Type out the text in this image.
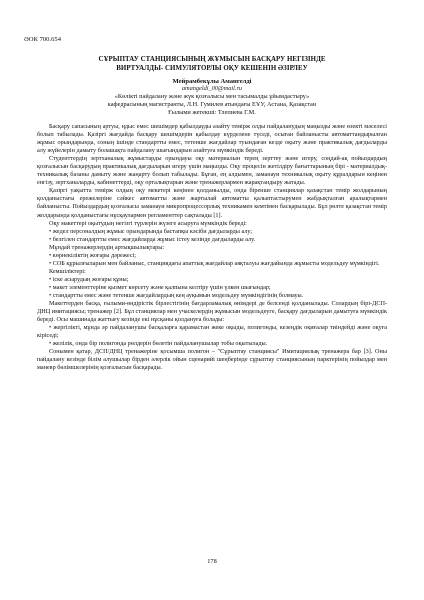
ӘОК 700.654
СҰРЫПТАУ СТАНЦИЯСЫНЫҢ ЖҰМЫСЫН БАСҚАРУ НЕГІЗІНДЕ
ВИРТУАЛДЫ- СИМУЛЯТОРЛЫ ОҚУ КЕШЕНІН ӘЗІРЛЕУ
Мейрамбекұлы Амангелді
amangeldi_00@mail.ru
«Көлікті пайдалану және жүк қозғалысы мен тасымалды ұйымдастыру»
кафедрасының магистранты, Л.Н. Гумилев атындағы ЕҰУ, Астана, Қазақстан
Ғылыми жетекші: Тлепиева Г.М.

Басқару сапасының артуы, ңдыс емес шешімдер қабылдауды азайту темірж олды пайдаланудың маңызды және өзекті мәселесі болып табылады. Қазіргі жағдайда басқару шешімдерін қабылдау күрделене түседі, осыған байланысты автоматтандырылған жұмыс орындарында, соның ішінде стандартты емес, тетенше жағдайлар туындаған кезде оқыту және практикалық дағдыларды алу жүйелерін дамыту болашақта пайдалану шығындарын азайтуға мүмкіндік береді.

Студенттердің зертханалық жұмыстарды орындауы оқу материалын терең зерттеу және игеру, соңдай-ақ пойыздардың қозғалысын басқарудың практикалық дағдыларын игеру үшін маңызды. Оқу процесін жетілдіру бағыттарының бірі - материалдық-техникалық базаны дамыту және жаңарту болып табылады. Бұған, ең алдымен, заманауи техникалық оқыту құралдарын кеңінен енгізу, зертханаларды, кабинеттерді, оқу орталықтарын және тренажерлармен жарақтандыру жатады.

Қазіргі уақытта темірж олдың оқу мекетері кеңінен қолданылды, онда біренше станциялар қазақстан темір жолдарының қолданыстағы ережелеріне сәйкес автоматты және жартылай автоматты қалыптастырумен жабдықталған аралықтармен байланысты. Пойыздардың қозғалысы заманауи микропроцессорлық техникамен кемтімен басқарылады. Бұл рөлте қазақстан темір жолдарында қолданыстағы нұсқаулармен регламенттер сақталады [1].

Оқу макеттері оқытудың негізгі түрлерін жүзеге асыруға мүмкіндік береді:

• жедел персоналдың жұмыс орындарында бастапқы кәсіби дағдыларды алу;
• белгілен стандартты емес жағдайларда жұмыс істеу кезінде дағдыларды алу.

Мұндай тренажерлердің артықшылықтары:

• көрнекіліктің жоғары дәрежесі;
• СОБ құрылғыларын мен байланыс, станциядағы апаттық жағдайлар аяқталуы жағдайында жұмысты модельдеу мүмкіндігі.

Кемшіліктері:

• іске асырудың жоғары құны;
• макет элементтеріне қызмет көрсету және қалпына келтіру үшін үлкен шығындар;
• стандартты емес және тетенше жағдайлардың кең ауқымын модельдеу мүмкіндігінің болмауы.

Макеттерден басқа, ғылыми-өндірістік бірлестігінің бағдарламалық өнімдері де белсенді қолданылады. Солардың бірі-ДСП-ДНЦ имитациясы; тренажер [2]. Бұл станциялар мен учаскелердің жұмысын модельдеуге, басқару дағдыларын дамытуға мүмкіндік береді. Осы машинада жаттығу кезінде екі нұсқаны қолдануға болады:

• жергілікті, мұнда әр пайдаланушы басқаларға қарамастан жеке оқыды, полигонды, кезеңдік оқиғалар тиіндейді және оқуға кіріседі;
• желілік, онда бір полигонда рөлдерін бөлетін пайдаланушылар тобы оқытылады.

Сонымен қатар, ДСП/ДНЦ тренажеріне қосымша полигон – "Сұрыптау станциясы" Имитациялық тренажера бар [3]. Оны пайдалану кезінде білім алушылар бірден әлерлік ойын сценарийі шеңберінде сұрыптау станциясының парктерінің пойыздар мен маневр бөлімшелерінің қозғалысын басқарады.

178
